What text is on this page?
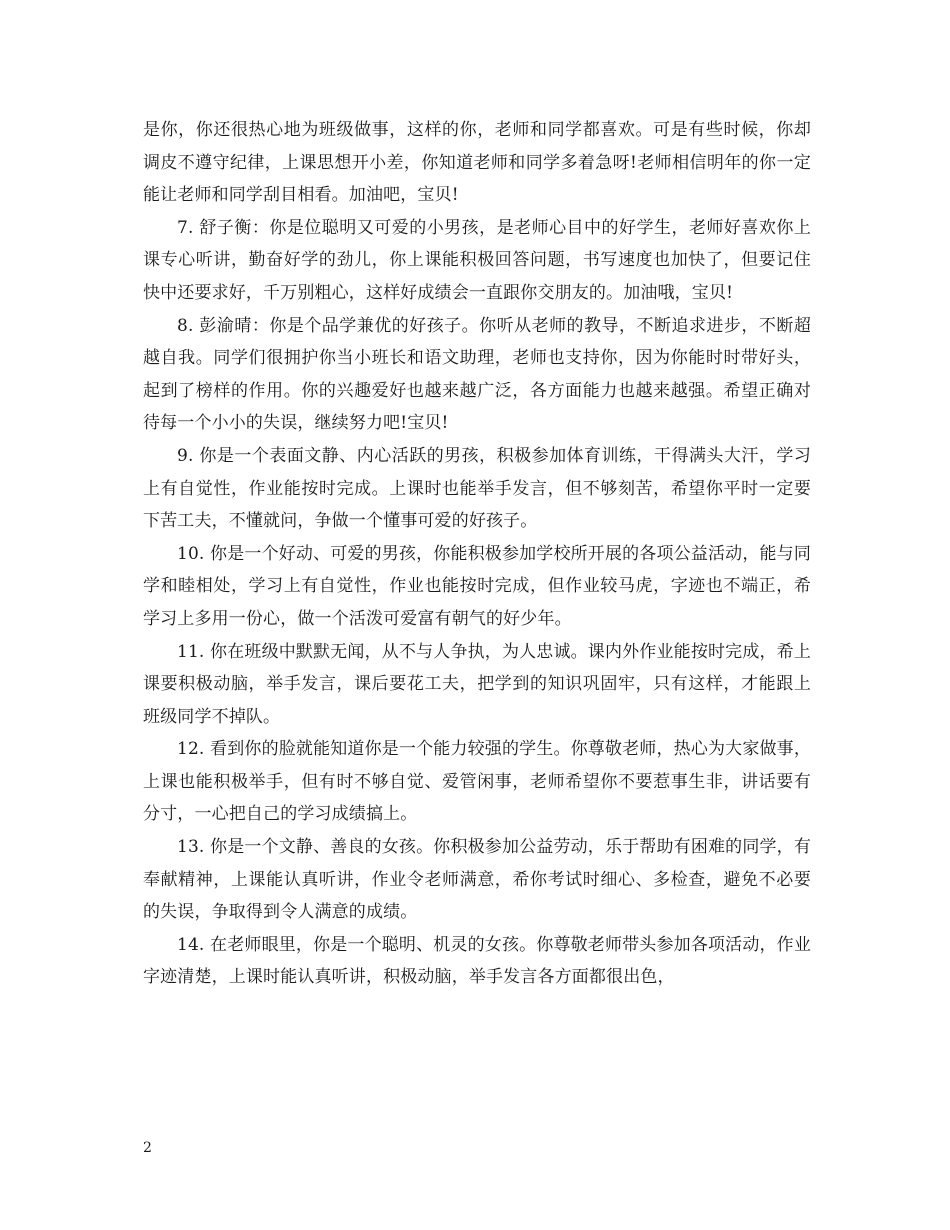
是你，你还很热心地为班级做事，这样的你，老师和同学都喜欢。可是有些时候，你却调皮不遵守纪律，上课思想开小差，你知道老师和同学多着急呀!老师相信明年的你一定能让老师和同学刮目相看。加油吧，宝贝!

7. 舒子衡：你是位聪明又可爱的小男孩，是老师心目中的好学生，老师好喜欢你上课专心听讲，勤奋好学的劲儿，你上课能积极回答问题，书写速度也加快了，但要记住快中还要求好，千万别粗心，这样好成绩会一直跟你交朋友的。加油哦，宝贝!

8. 彭渝晴：你是个品学兼优的好孩子。你听从老师的教导，不断追求进步，不断超越自我。同学们很拥护你当小班长和语文助理，老师也支持你，因为你能时时带好头，起到了榜样的作用。你的兴趣爱好也越来越广泛，各方面能力也越来越强。希望正确对待每一个小小的失误，继续努力吧!宝贝!

9. 你是一个表面文静、内心活跃的男孩，积极参加体育训练，干得满头大汗，学习上有自觉性，作业能按时完成。上课时也能举手发言，但不够刻苦，希望你平时一定要下苦工夫，不懂就问，争做一个懂事可爱的好孩子。

10. 你是一个好动、可爱的男孩，你能积极参加学校所开展的各项公益活动，能与同学和睦相处，学习上有自觉性，作业也能按时完成，但作业较马虎，字迹也不端正，希学习上多用一份心，做一个活泼可爱富有朝气的好少年。

11. 你在班级中默默无闻，从不与人争执，为人忠诚。课内外作业能按时完成，希上课要积极动脑，举手发言，课后要花工夫，把学到的知识巩固牢，只有这样，才能跟上班级同学不掉队。

12. 看到你的脸就能知道你是一个能力较强的学生。你尊敬老师，热心为大家做事，上课也能积极举手，但有时不够自觉、爱管闲事，老师希望你不要惹事生非，讲话要有分寸，一心把自己的学习成绩搞上。

13. 你是一个文静、善良的女孩。你积极参加公益劳动，乐于帮助有困难的同学，有奉献精神，上课能认真听讲，作业令老师满意，希你考试时细心、多检查，避免不必要的失误，争取得到令人满意的成绩。

14. 在老师眼里，你是一个聪明、机灵的女孩。你尊敬老师带头参加各项活动，作业字迹清楚，上课时能认真听讲，积极动脑，举手发言各方面都很出色，

2
